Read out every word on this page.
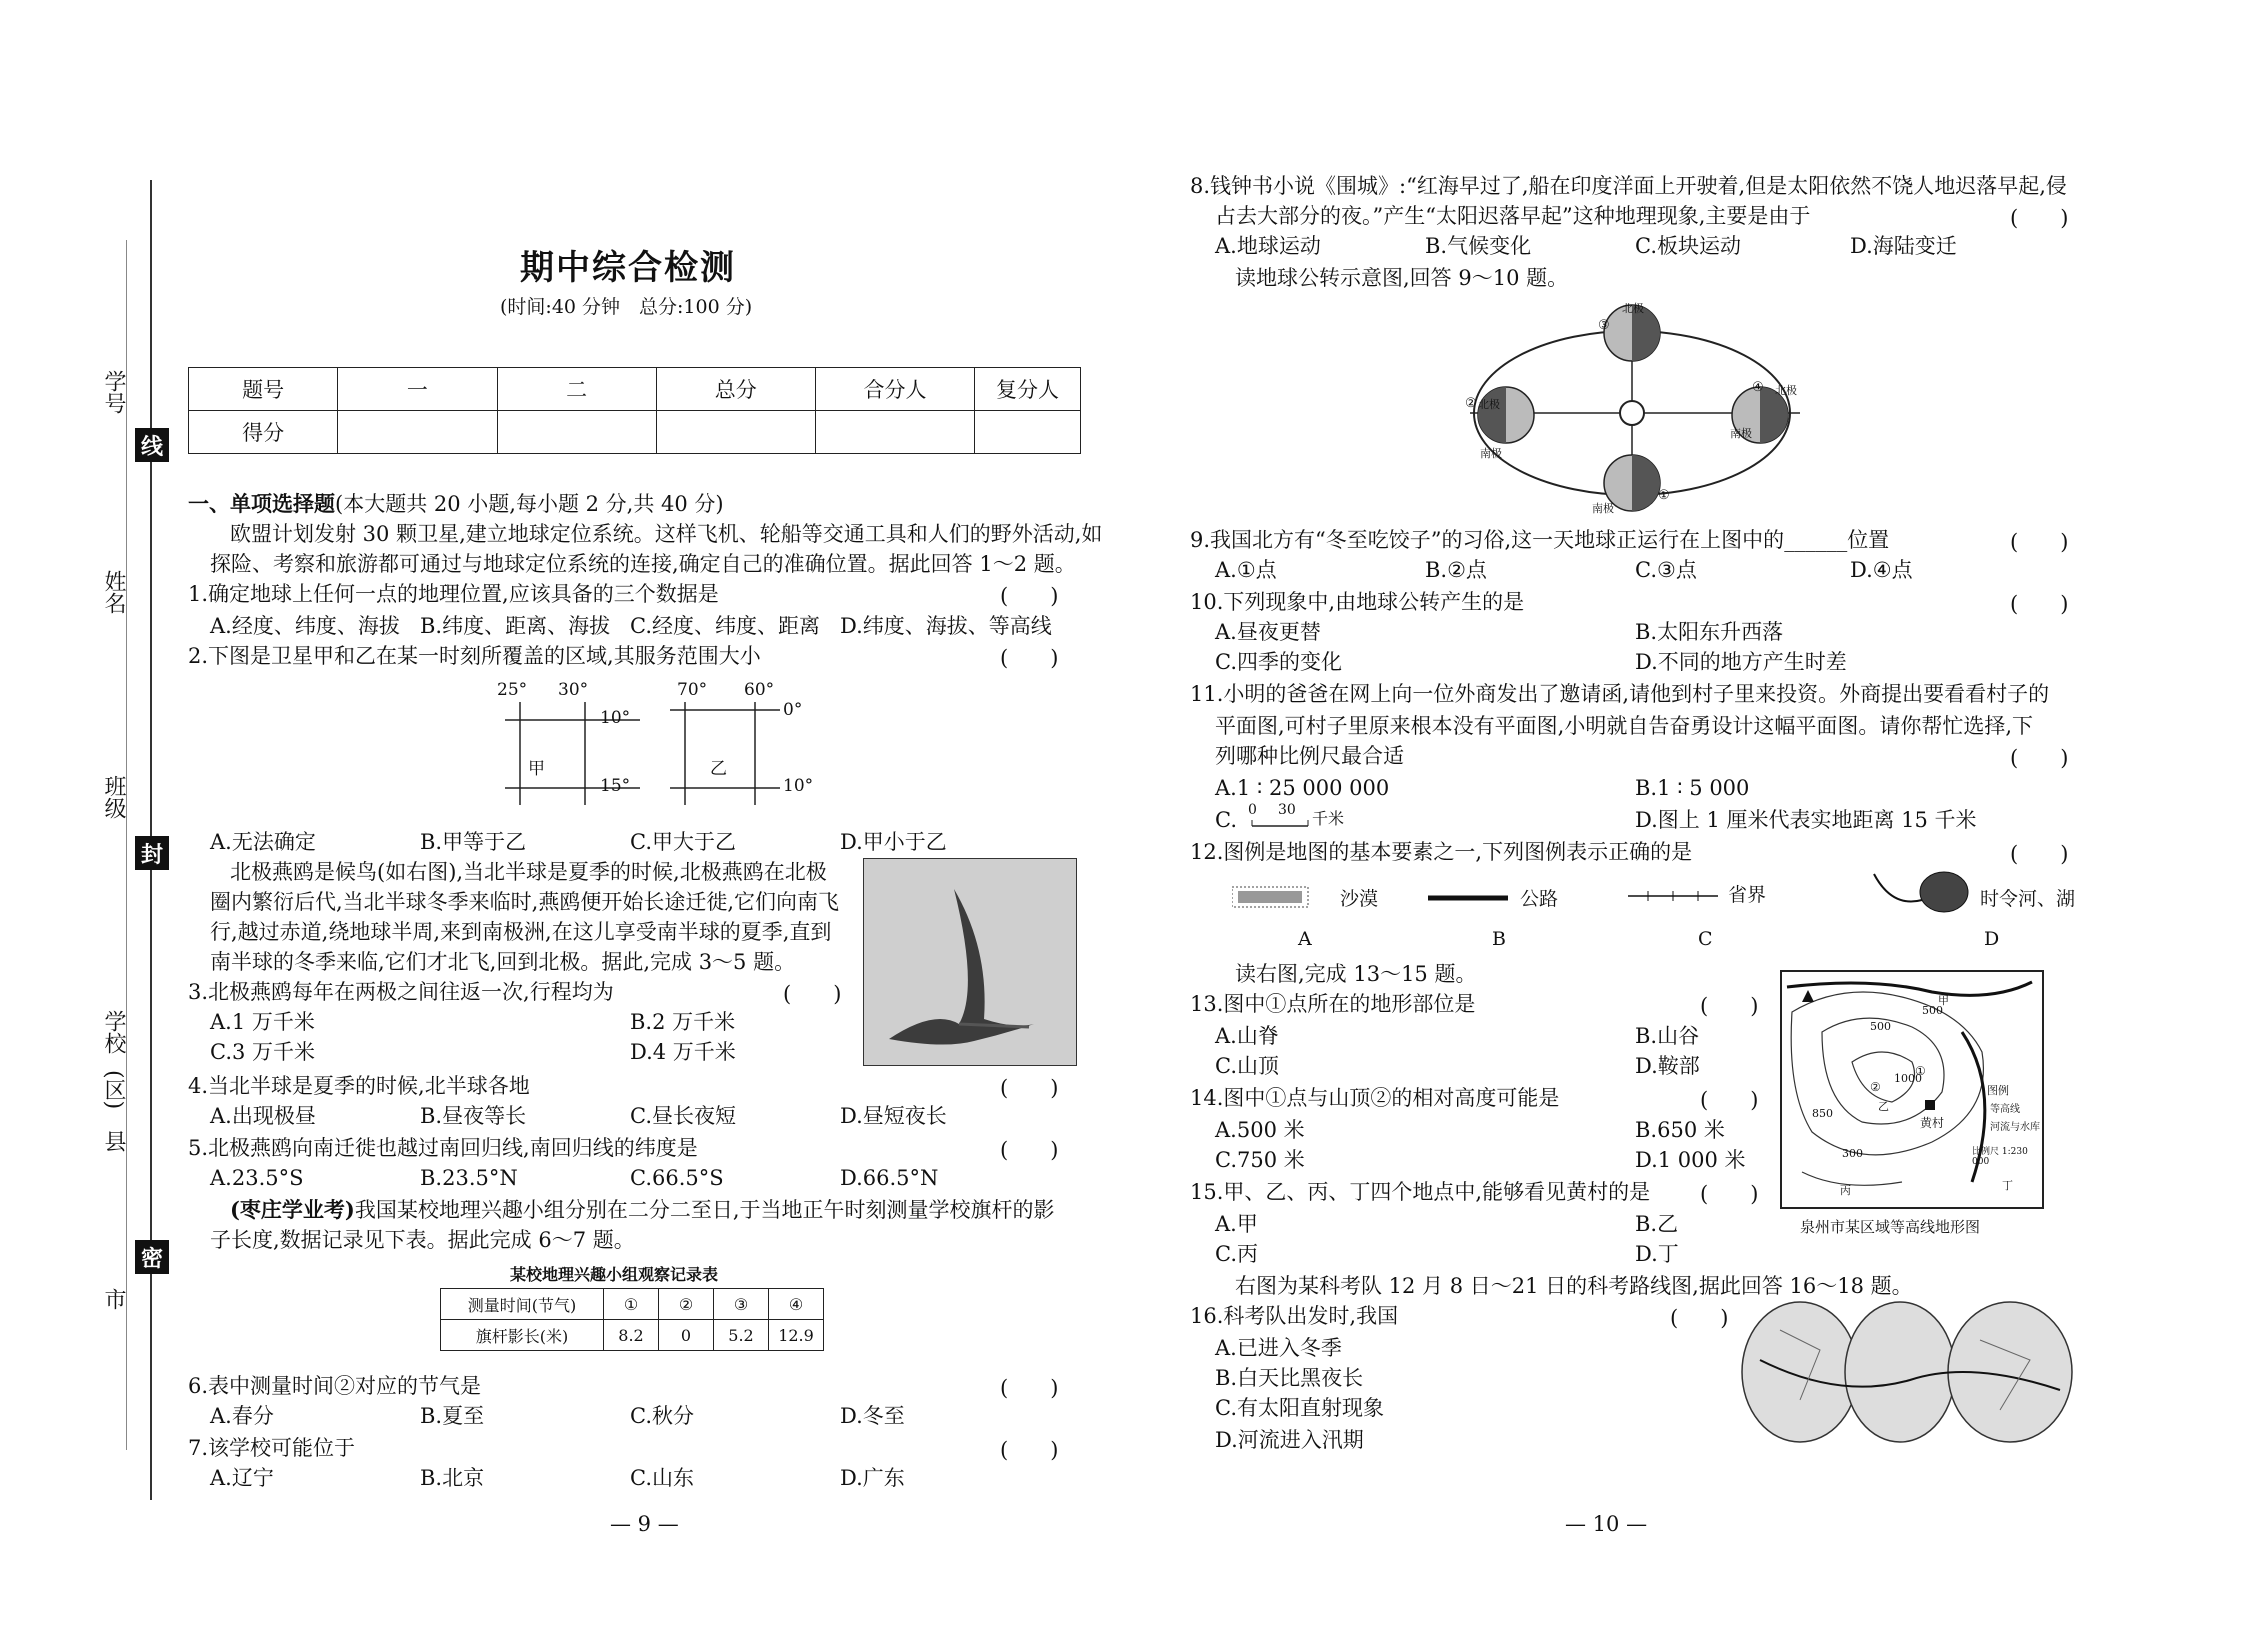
学号
线
姓名
班级
封
学校
县
(区)
密
市
期中综合检测
(时间:40 分钟　总分:100 分)
题号	一	二	总分	合分人	复分人
得分					
一、单项选择题(本大题共 20 小题,每小题 2 分,共 40 分)
欧盟计划发射 30 颗卫星,建立地球定位系统。这样飞机、轮船等交通工具和人们的野外活动,如
探险、考察和旅游都可通过与地球定位系统的连接,确定自己的准确位置。据此回答 1～2 题。
1.确定地球上任何一点的地理位置,应该具备的三个数据是	(　　)
A.经度、纬度、海拔 B.纬度、距离、海拔 C.经度、纬度、距离 D.纬度、海拔、等高线
2.下图是卫星甲和乙在某一时刻所覆盖的区域,其服务范围大小	(　　)
25° 30°
10°
15°
甲
70° 60°
0°
10°
乙
A.无法确定	B.甲等于乙	C.甲大于乙	D.甲小于乙
北极燕鸥是候鸟(如右图),当北半球是夏季的时候,北极燕鸥在北极
圈内繁衍后代,当北半球冬季来临时,燕鸥便开始长途迁徙,它们向南飞
行,越过赤道,绕地球半周,来到南极洲,在这儿享受南半球的夏季,直到
南半球的冬季来临,它们才北飞,回到北极。据此,完成 3～5 题。
3.北极燕鸥每年在两极之间往返一次,行程均为	(　　)
A.1 万千米	B.2 万千米
C.3 万千米	D.4 万千米
4.当北半球是夏季的时候,北半球各地	(　　)
A.出现极昼	B.昼夜等长	C.昼长夜短	D.昼短夜长
5.北极燕鸥向南迁徙也越过南回归线,南回归线的纬度是	(　　)
A.23.5°S	B.23.5°N	C.66.5°S	D.66.5°N
(枣庄学业考)我国某校地理兴趣小组分别在二分二至日,于当地正午时刻测量学校旗杆的影
子长度,数据记录见下表。据此完成 6～7 题。
某校地理兴趣小组观察记录表
测量时间(节气)	①	②	③	④
旗杆影长(米)	8.2	0	5.2	12.9
6.表中测量时间②对应的节气是	(　　)
A.春分	B.夏至	C.秋分	D.冬至
7.该学校可能位于	(　　)
A.辽宁	B.北京	C.山东	D.广东
— 9 —
8.钱钟书小说《围城》:“红海早过了,船在印度洋面上开驶着,但是太阳依然不饶人地迟落早起,侵
占去大部分的夜。”产生“太阳迟落早起”这种地理现象,主要是由于	(　　)
A.地球运动	B.气候变化	C.板块运动	D.海陆变迁
读地球公转示意图,回答 9～10 题。
北极
③
② 北极
南极
④ 北极
南极
南极
①
9.我国北方有“冬至吃饺子”的习俗,这一天地球正运行在上图中的______位置	(　　)
A.①点	B.②点	C.③点	D.④点
10.下列现象中,由地球公转产生的是	(　　)
A.昼夜更替	B.太阳东升西落
C.四季的变化	D.不同的地方产生时差
11.小明的爸爸在网上向一位外商发出了邀请函,请他到村子里来投资。外商提出要看看村子的
平面图,可村子里原来根本没有平面图,小明就自告奋勇设计这幅平面图。请你帮忙选择,下
列哪种比例尺最合适	(　　)
A.1 ∶ 25 000 000	B.1 ∶ 5 000
C. 0 30 千米	D.图上 1 厘米代表实地距离 15 千米
12.图例是地图的基本要素之一,下列图例表示正确的是	(　　)
沙漠	公路	省界	时令河、湖
A	B	C	D
读右图,完成 13～15 题。
13.图中①点所在的地形部位是	(　　)
A.山脊	B.山谷
C.山顶	D.鞍部
14.图中①点与山顶②的相对高度可能是	(　　)
A.500 米	B.650 米
C.750 米	D.1 000 米
15.甲、乙、丙、丁四个地点中,能够看见黄村的是 (　　)
A.甲	B.乙
C.丙	D.丁
500
500
1000
850
300
①
②
黄村
甲
乙
丙	丁
图例
等高线
河流与水库
比例尺 1:230 000
泉州市某区域等高线地形图
右图为某科考队 12 月 8 日～21 日的科考路线图,据此回答 16～18 题。
16.科考队出发时,我国	(　　)
A.已进入冬季
B.白天比黑夜长
C.有太阳直射现象
D.河流进入汛期
— 10 —
